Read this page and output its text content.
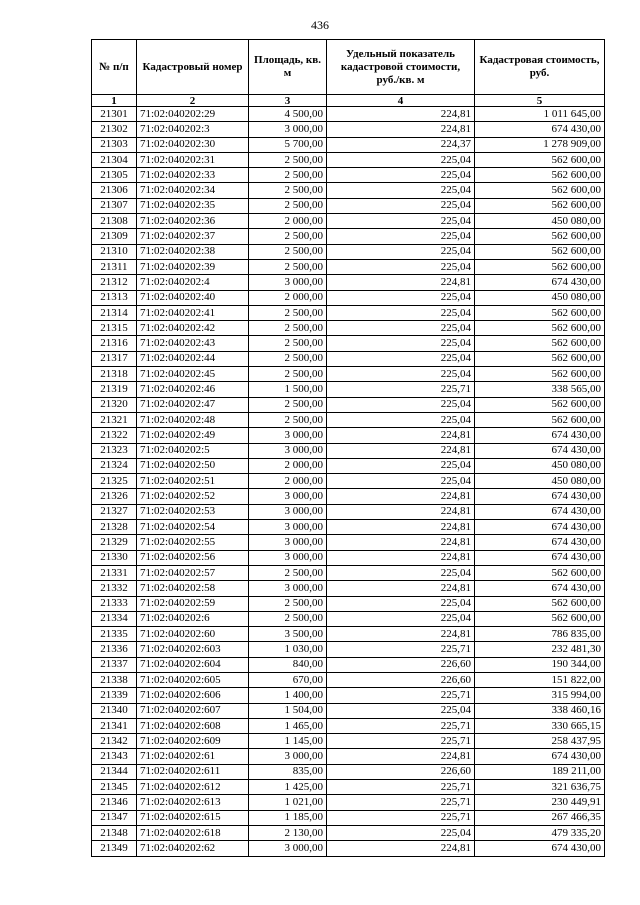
436
№ п/п	Кадастровый номер	Площадь, кв. м	Удельный показатель кадастровой стоимости, руб./кв. м	Кадастровая стоимость, руб.
1	2	3	4	5
21301	71:02:040202:29	4 500,00	224,81	1 011 645,00
21302	71:02:040202:3	3 000,00	224,81	674 430,00
21303	71:02:040202:30	5 700,00	224,37	1 278 909,00
21304	71:02:040202:31	2 500,00	225,04	562 600,00
21305	71:02:040202:33	2 500,00	225,04	562 600,00
21306	71:02:040202:34	2 500,00	225,04	562 600,00
21307	71:02:040202:35	2 500,00	225,04	562 600,00
21308	71:02:040202:36	2 000,00	225,04	450 080,00
21309	71:02:040202:37	2 500,00	225,04	562 600,00
21310	71:02:040202:38	2 500,00	225,04	562 600,00
21311	71:02:040202:39	2 500,00	225,04	562 600,00
21312	71:02:040202:4	3 000,00	224,81	674 430,00
21313	71:02:040202:40	2 000,00	225,04	450 080,00
21314	71:02:040202:41	2 500,00	225,04	562 600,00
21315	71:02:040202:42	2 500,00	225,04	562 600,00
21316	71:02:040202:43	2 500,00	225,04	562 600,00
21317	71:02:040202:44	2 500,00	225,04	562 600,00
21318	71:02:040202:45	2 500,00	225,04	562 600,00
21319	71:02:040202:46	1 500,00	225,71	338 565,00
21320	71:02:040202:47	2 500,00	225,04	562 600,00
21321	71:02:040202:48	2 500,00	225,04	562 600,00
21322	71:02:040202:49	3 000,00	224,81	674 430,00
21323	71:02:040202:5	3 000,00	224,81	674 430,00
21324	71:02:040202:50	2 000,00	225,04	450 080,00
21325	71:02:040202:51	2 000,00	225,04	450 080,00
21326	71:02:040202:52	3 000,00	224,81	674 430,00
21327	71:02:040202:53	3 000,00	224,81	674 430,00
21328	71:02:040202:54	3 000,00	224,81	674 430,00
21329	71:02:040202:55	3 000,00	224,81	674 430,00
21330	71:02:040202:56	3 000,00	224,81	674 430,00
21331	71:02:040202:57	2 500,00	225,04	562 600,00
21332	71:02:040202:58	3 000,00	224,81	674 430,00
21333	71:02:040202:59	2 500,00	225,04	562 600,00
21334	71:02:040202:6	2 500,00	225,04	562 600,00
21335	71:02:040202:60	3 500,00	224,81	786 835,00
21336	71:02:040202:603	1 030,00	225,71	232 481,30
21337	71:02:040202:604	840,00	226,60	190 344,00
21338	71:02:040202:605	670,00	226,60	151 822,00
21339	71:02:040202:606	1 400,00	225,71	315 994,00
21340	71:02:040202:607	1 504,00	225,04	338 460,16
21341	71:02:040202:608	1 465,00	225,71	330 665,15
21342	71:02:040202:609	1 145,00	225,71	258 437,95
21343	71:02:040202:61	3 000,00	224,81	674 430,00
21344	71:02:040202:611	835,00	226,60	189 211,00
21345	71:02:040202:612	1 425,00	225,71	321 636,75
21346	71:02:040202:613	1 021,00	225,71	230 449,91
21347	71:02:040202:615	1 185,00	225,71	267 466,35
21348	71:02:040202:618	2 130,00	225,04	479 335,20
21349	71:02:040202:62	3 000,00	224,81	674 430,00
